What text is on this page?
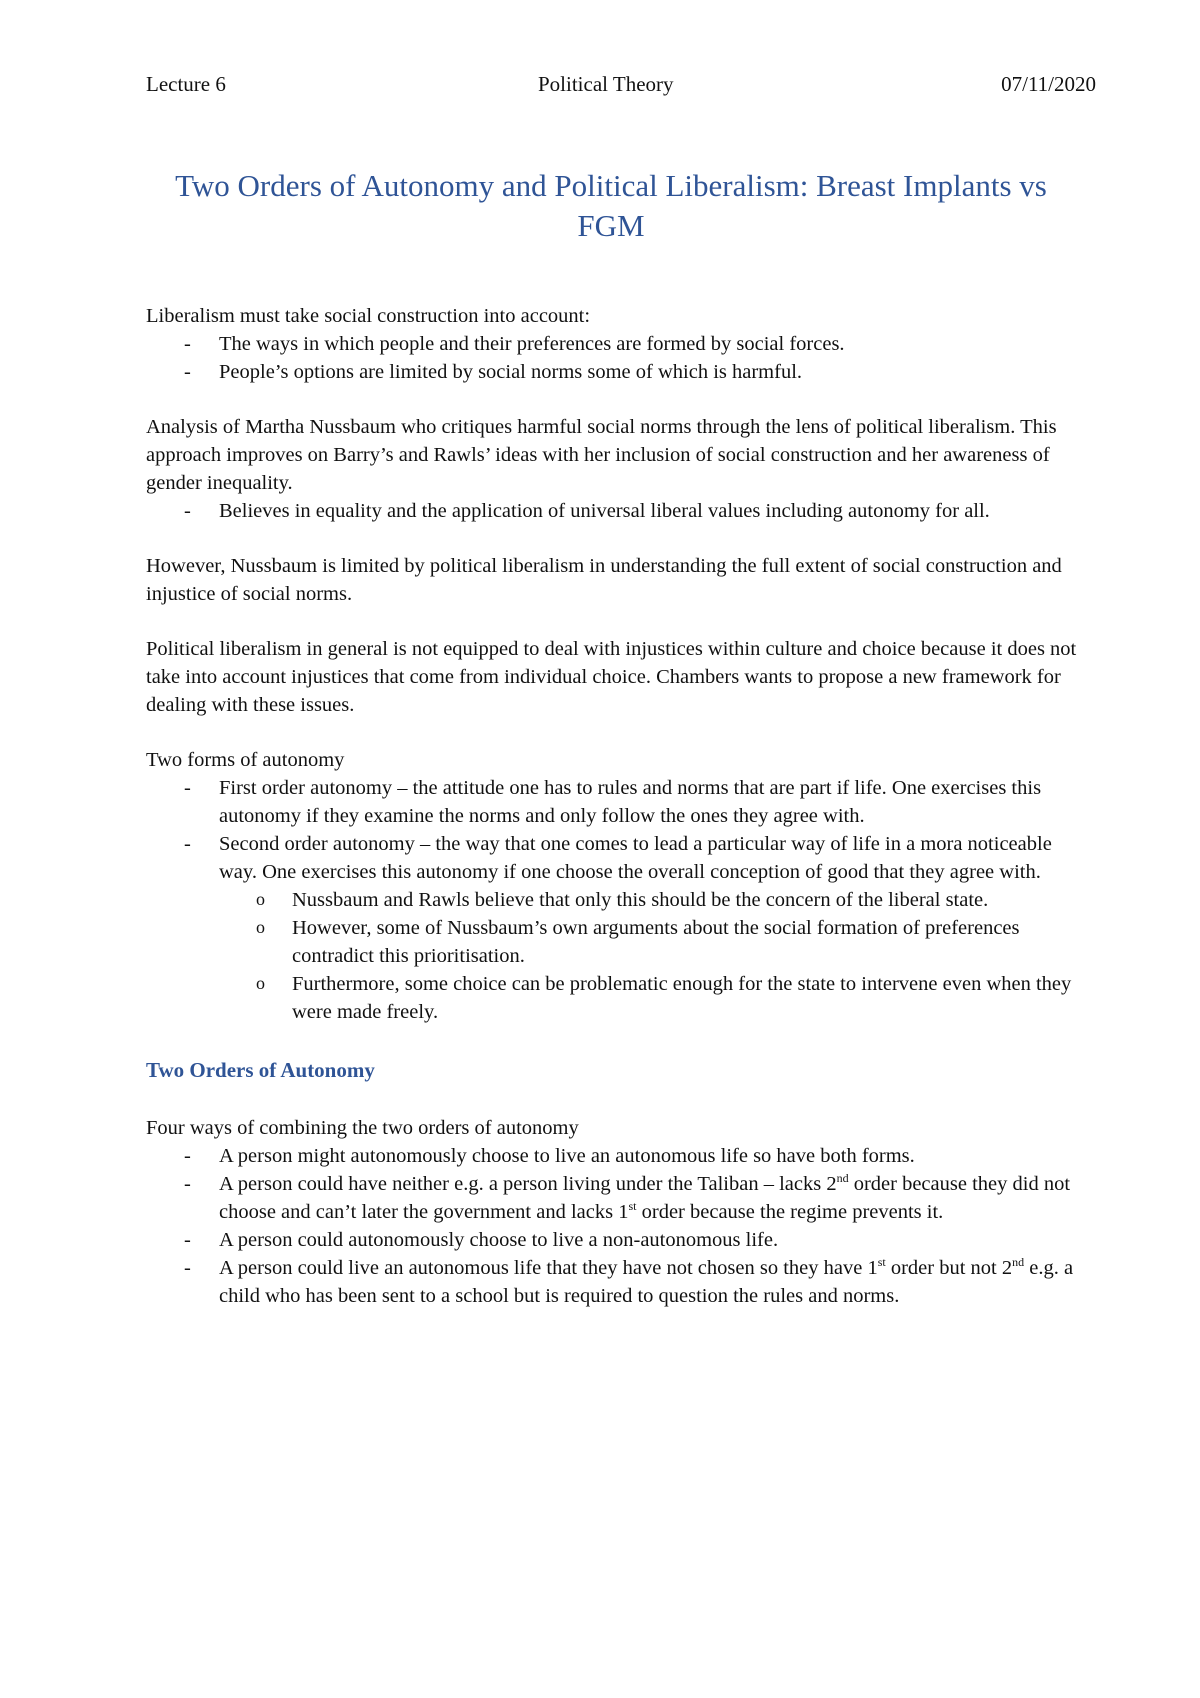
Lecture 6	Political Theory	07/11/2020
Two Orders of Autonomy and Political Liberalism: Breast Implants vs FGM

Liberalism must take social construction into account:

- The ways in which people and their preferences are formed by social forces.
- People’s options are limited by social norms some of which is harmful.

Analysis of Martha Nussbaum who critiques harmful social norms through the lens of political liberalism. This approach improves on Barry’s and Rawls’ ideas with her inclusion of social construction and her awareness of gender inequality.

- Believes in equality and the application of universal liberal values including autonomy for all.

However, Nussbaum is limited by political liberalism in understanding the full extent of social construction and injustice of social norms.

Political liberalism in general is not equipped to deal with injustices within culture and choice because it does not take into account injustices that come from individual choice. Chambers wants to propose a new framework for dealing with these issues.

Two forms of autonomy

- First order autonomy – the attitude one has to rules and norms that are part if life. One exercises this autonomy if they examine the norms and only follow the ones they agree with.
- Second order autonomy – the way that one comes to lead a particular way of life in a mora noticeable way. One exercises this autonomy if one choose the overall conception of good that they agree with.
o Nussbaum and Rawls believe that only this should be the concern of the liberal state.
o However, some of Nussbaum’s own arguments about the social formation of preferences contradict this prioritisation.
o Furthermore, some choice can be problematic enough for the state to intervene even when they were made freely.
Two Orders of Autonomy

Four ways of combining the two orders of autonomy

- A person might autonomously choose to live an autonomous life so have both forms.
- A person could have neither e.g. a person living under the Taliban – lacks 2nd order because they did not choose and can’t later the government and lacks 1st order because the regime prevents it.
- A person could autonomously choose to live a non-autonomous life.
- A person could live an autonomous life that they have not chosen so they have 1st order but not 2nd e.g. a child who has been sent to a school but is required to question the rules and norms.
